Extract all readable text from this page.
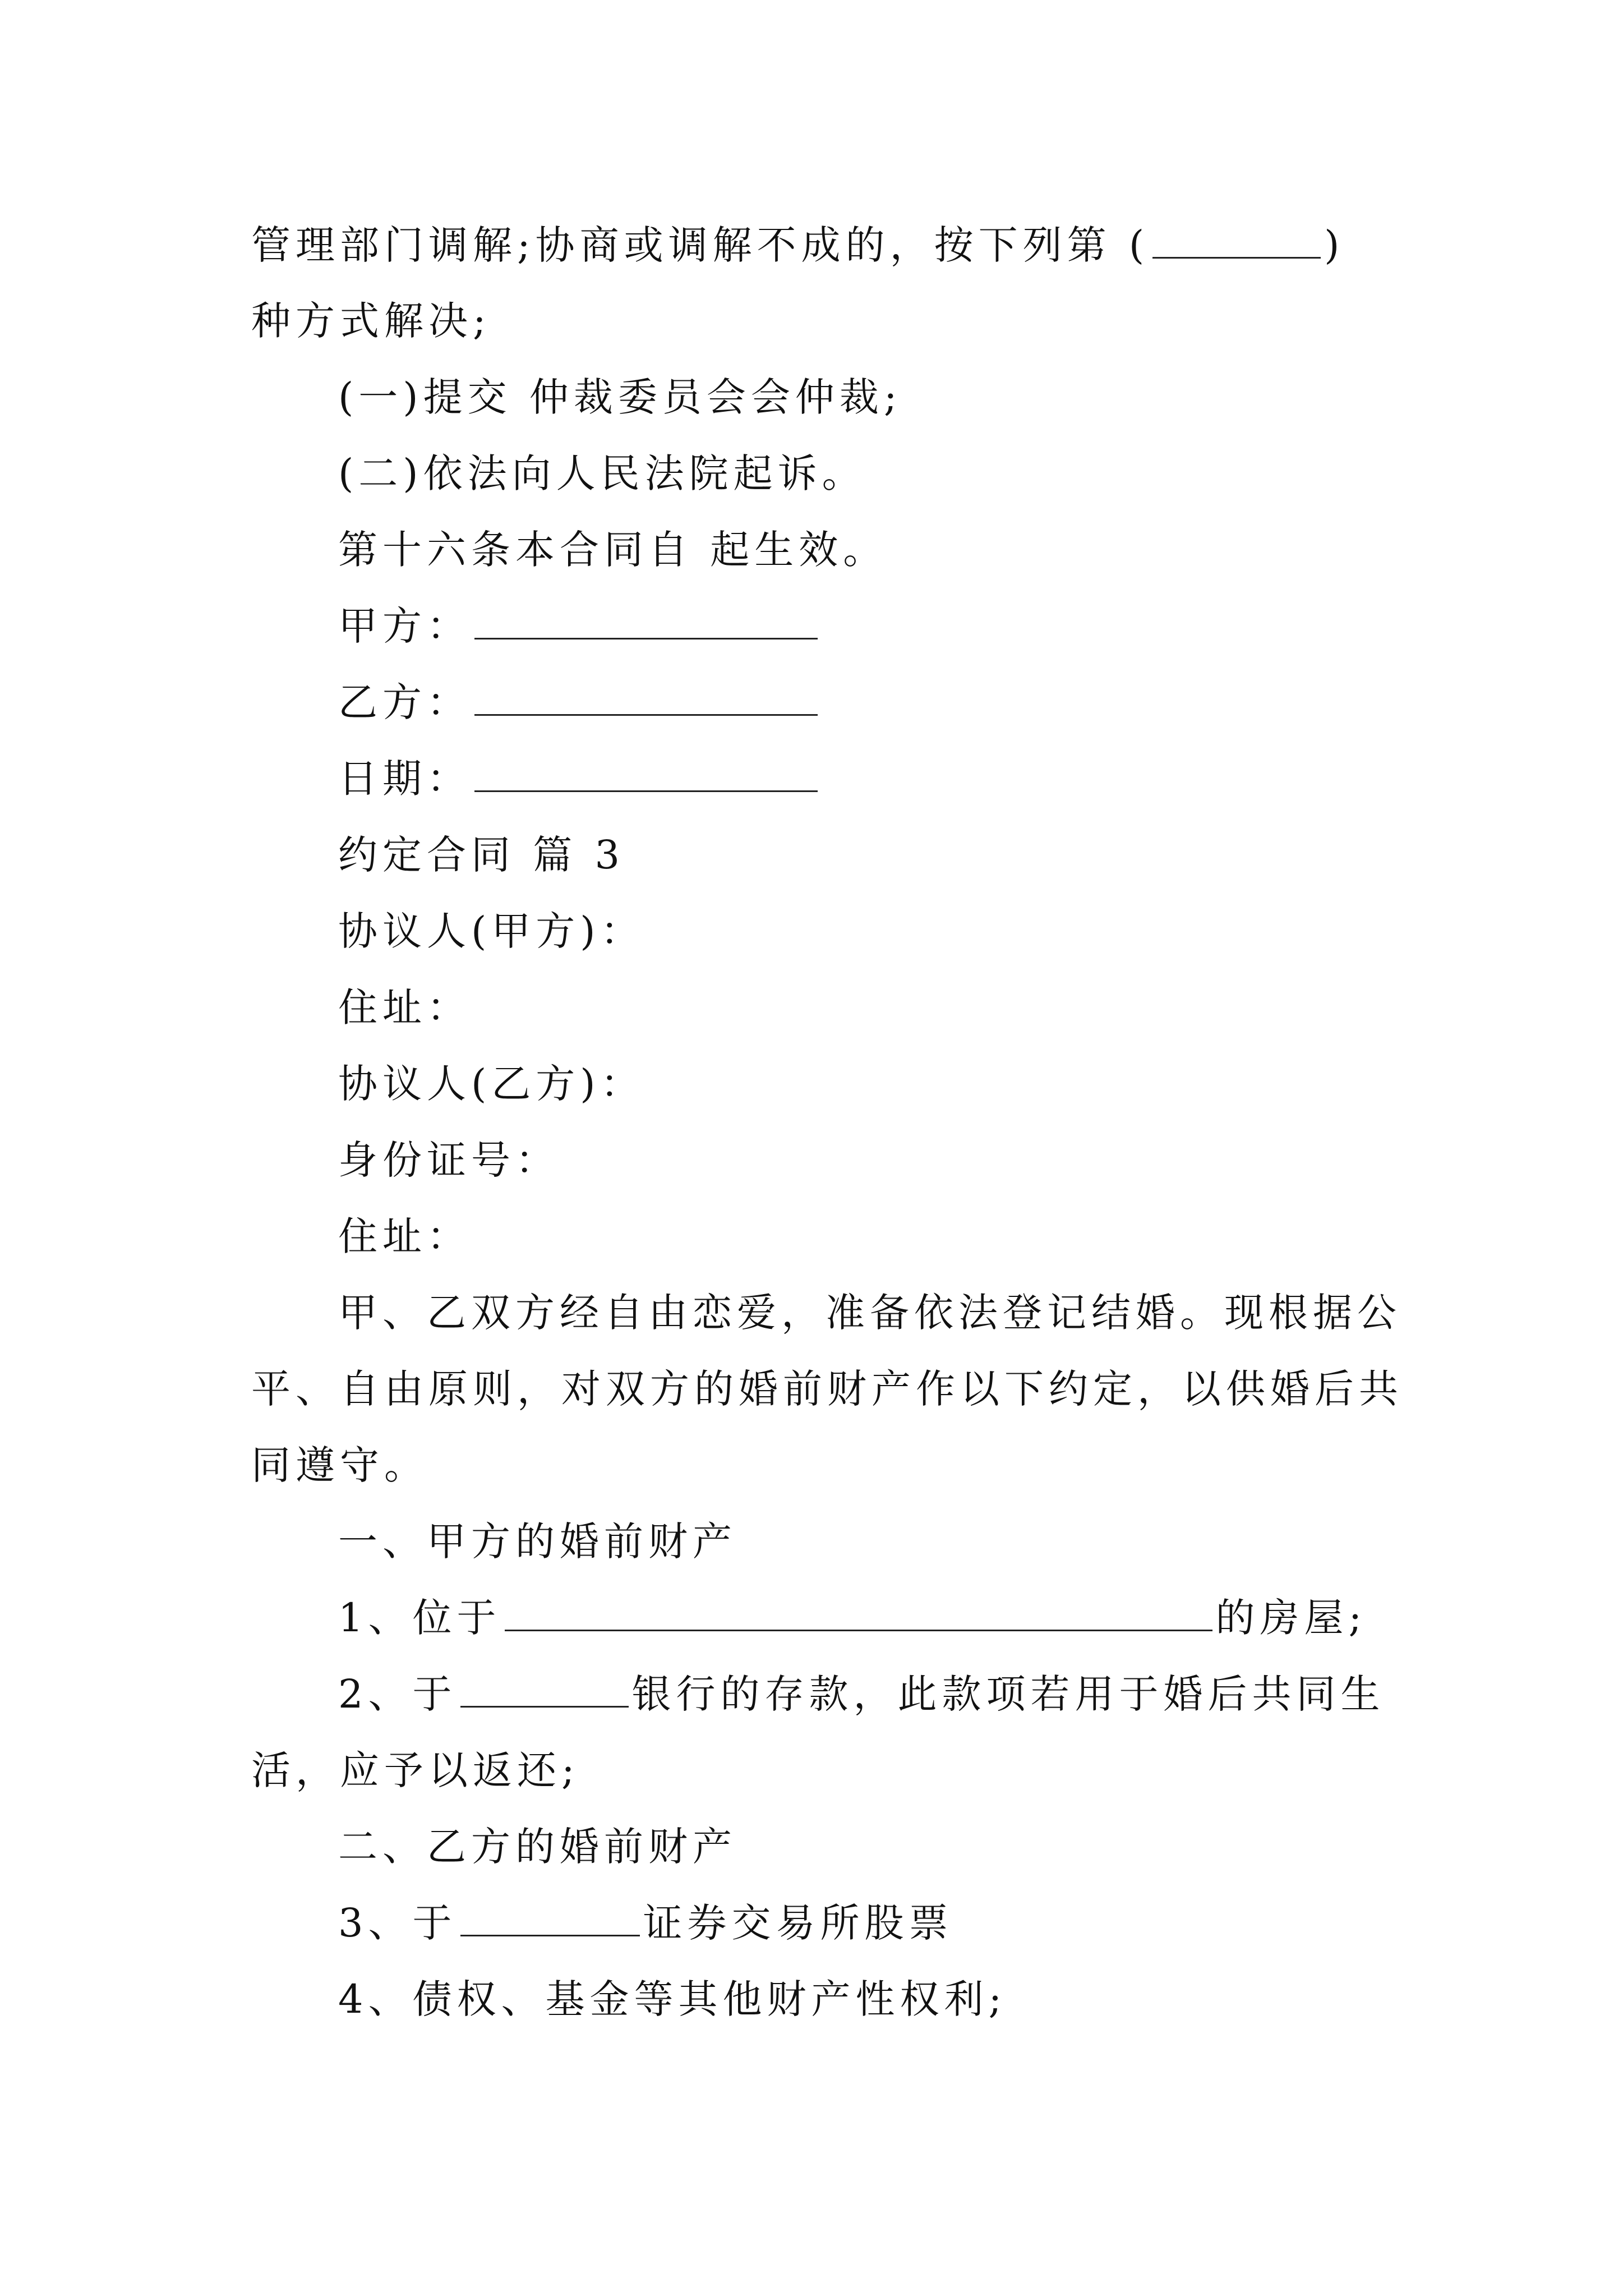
管理部门调解;协商或调解不成的，按下列第 (	)
种方式解决;
(一)提交 仲裁委员会会仲裁;
(二)依法向人民法院起诉。
第十六条本合同自 起生效。
甲方：
乙方：
日期：
约定合同 篇 3
协议人(甲方)：
住址：
协议人(乙方)：
身份证号：
住址：
甲、乙双方经自由恋爱，准备依法登记结婚。现根据公
平、自由原则，对双方的婚前财产作以下约定，以供婚后共
同遵守。
一、甲方的婚前财产
1、位于	的房屋;
2、于	银行的存款，此款项若用于婚后共同生
活，应予以返还;
二、乙方的婚前财产
3、于	证券交易所股票
4、债权、基金等其他财产性权利;
